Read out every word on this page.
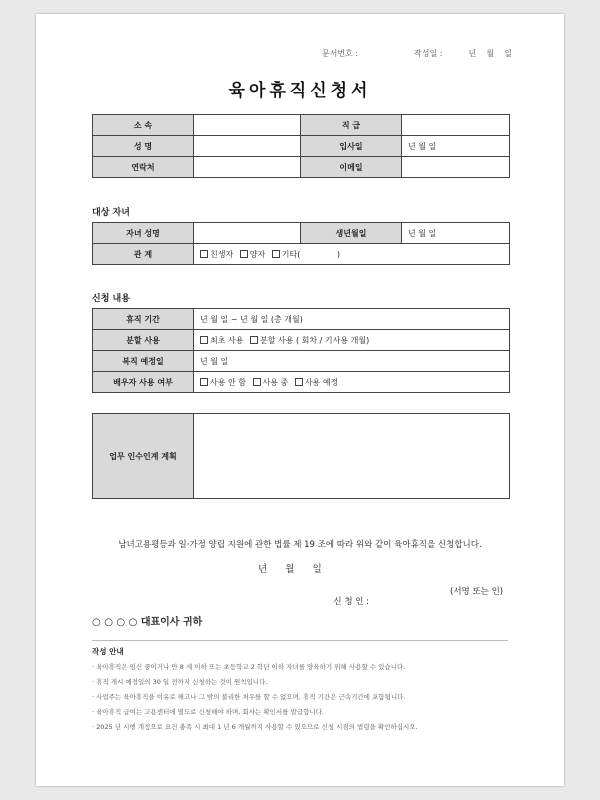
문서번호 :	작성일 :	년    월    일
육아휴직신청서
소 속		직 급	
성 명		입사일	년 월 일
연락처		이메일	
대상 자녀
자녀 성명		생년월일	년 월 일
관 계	친생자 양자 기타( )		
신청 내용
휴직 기간	년 월 일 ~ 년 월 일 (총 개월)
분할 사용	최초 사용 분할 사용 ( 회차 / 기사용 개월)
복직 예정일	년 월 일
배우자 사용 여부	사용 안 함 사용 중 사용 예정
업무 인수인계 계획	
남녀고용평등과 일·가정 양립 지원에 관한 법률 제 19 조에 따라 위와 같이 육아휴직을 신청합니다.
년      월      일

신 청 인 :

(서명 또는 인)

○ ○ ○ ○ 대표이사 귀하
작성 안내
· 육아휴직은 임신 중이거나 만 8 세 이하 또는 초등학교 2 학년 이하 자녀를 양육하기 위해 사용할 수 있습니다.
· 휴직 개시 예정일의 30 일 전까지 신청하는 것이 원칙입니다.
· 사업주는 육아휴직을 이유로 해고나 그 밖의 불리한 처우를 할 수 없으며, 휴직 기간은 근속기간에 포함됩니다.
· 육아휴직 급여는 고용센터에 별도로 신청해야 하며, 회사는 확인서를 발급합니다.
· 2025 년 시행 개정으로 요건 충족 시 최대 1 년 6 개월까지 사용할 수 있으므로 신청 시점의 법령을 확인하십시오.
